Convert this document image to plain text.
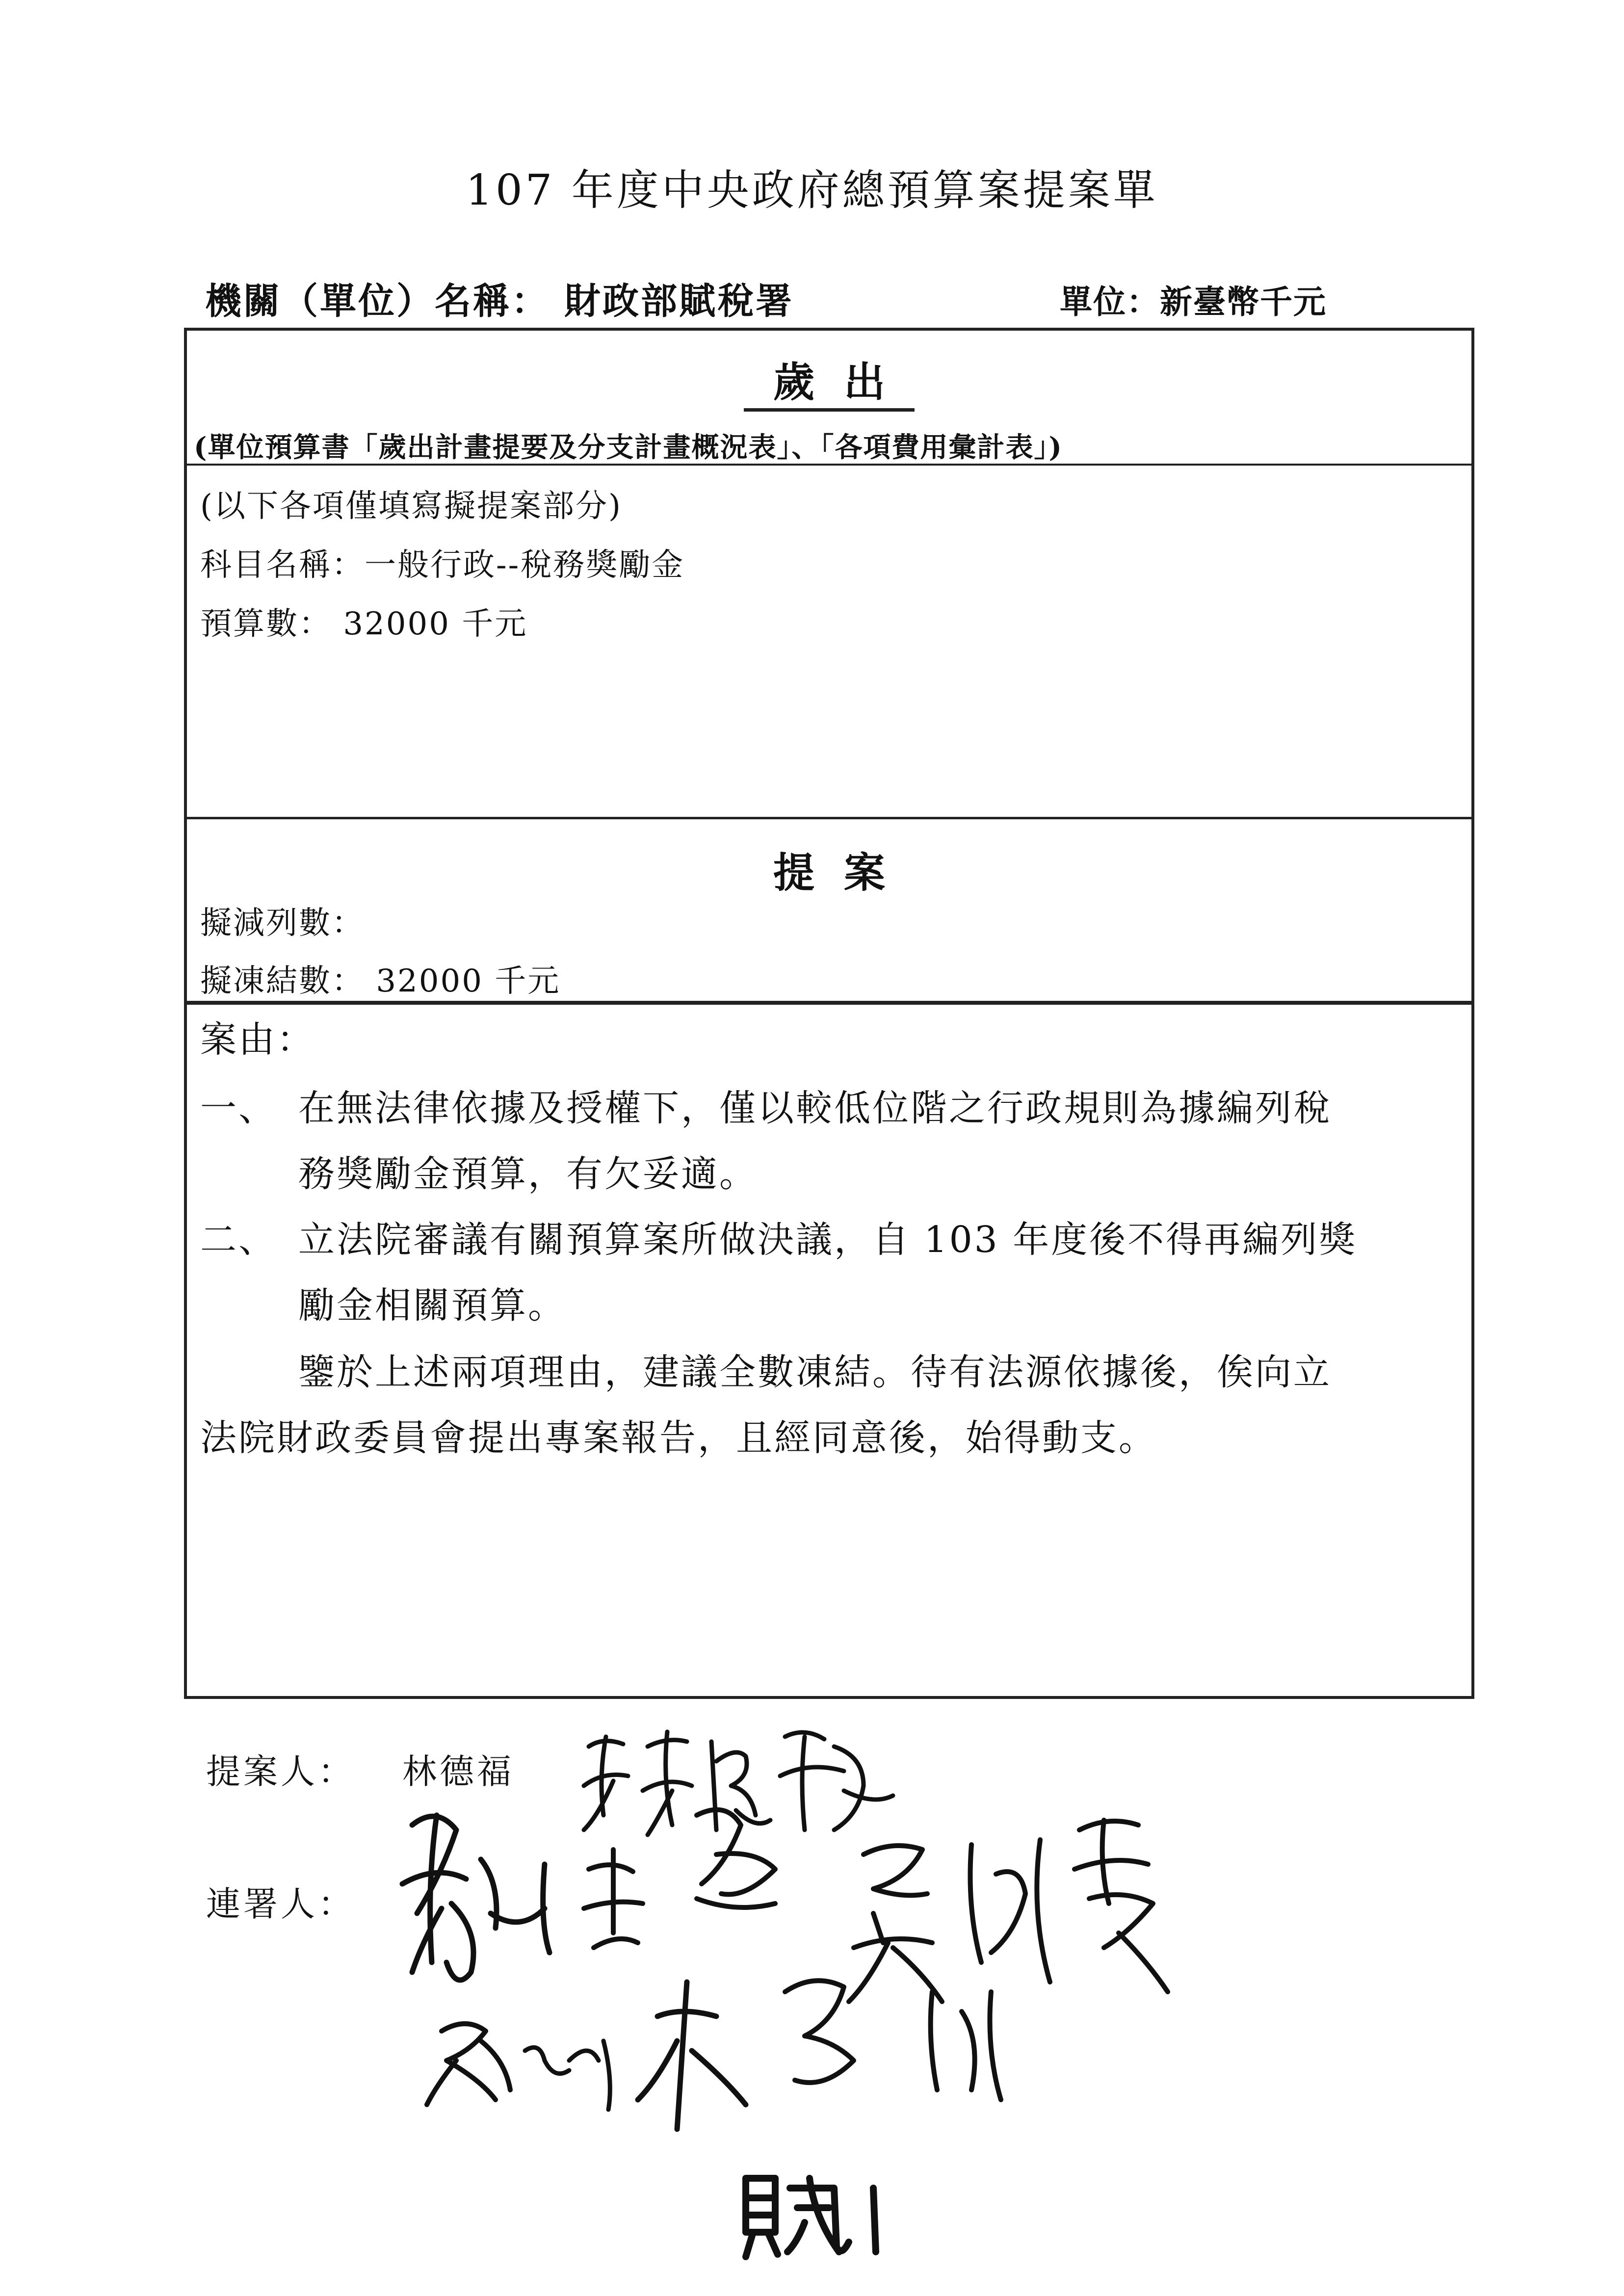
107 年度中央政府總預算案提案單
機關（單位）名稱： 財政部賦稅署	單位：新臺幣千元
歲出
(單位預算書「歲出計畫提要及分支計畫概況表」、「各項費用彙計表」)
(以下各項僅填寫擬提案部分)
科目名稱：一般行政--稅務獎勵金
預算數： 32000 千元
提案
擬減列數：
擬凍結數： 32000 千元
案由：
一、 在無法律依據及授權下，僅以較低位階之行政規則為據編列稅
務獎勵金預算，有欠妥適。
二、 立法院審議有關預算案所做決議，自 103 年度後不得再編列獎
勵金相關預算。
鑒於上述兩項理由，建議全數凍結。待有法源依據後，俟向立
法院財政委員會提出專案報告，且經同意後，始得動支。
提案人： 林德福
連署人：
